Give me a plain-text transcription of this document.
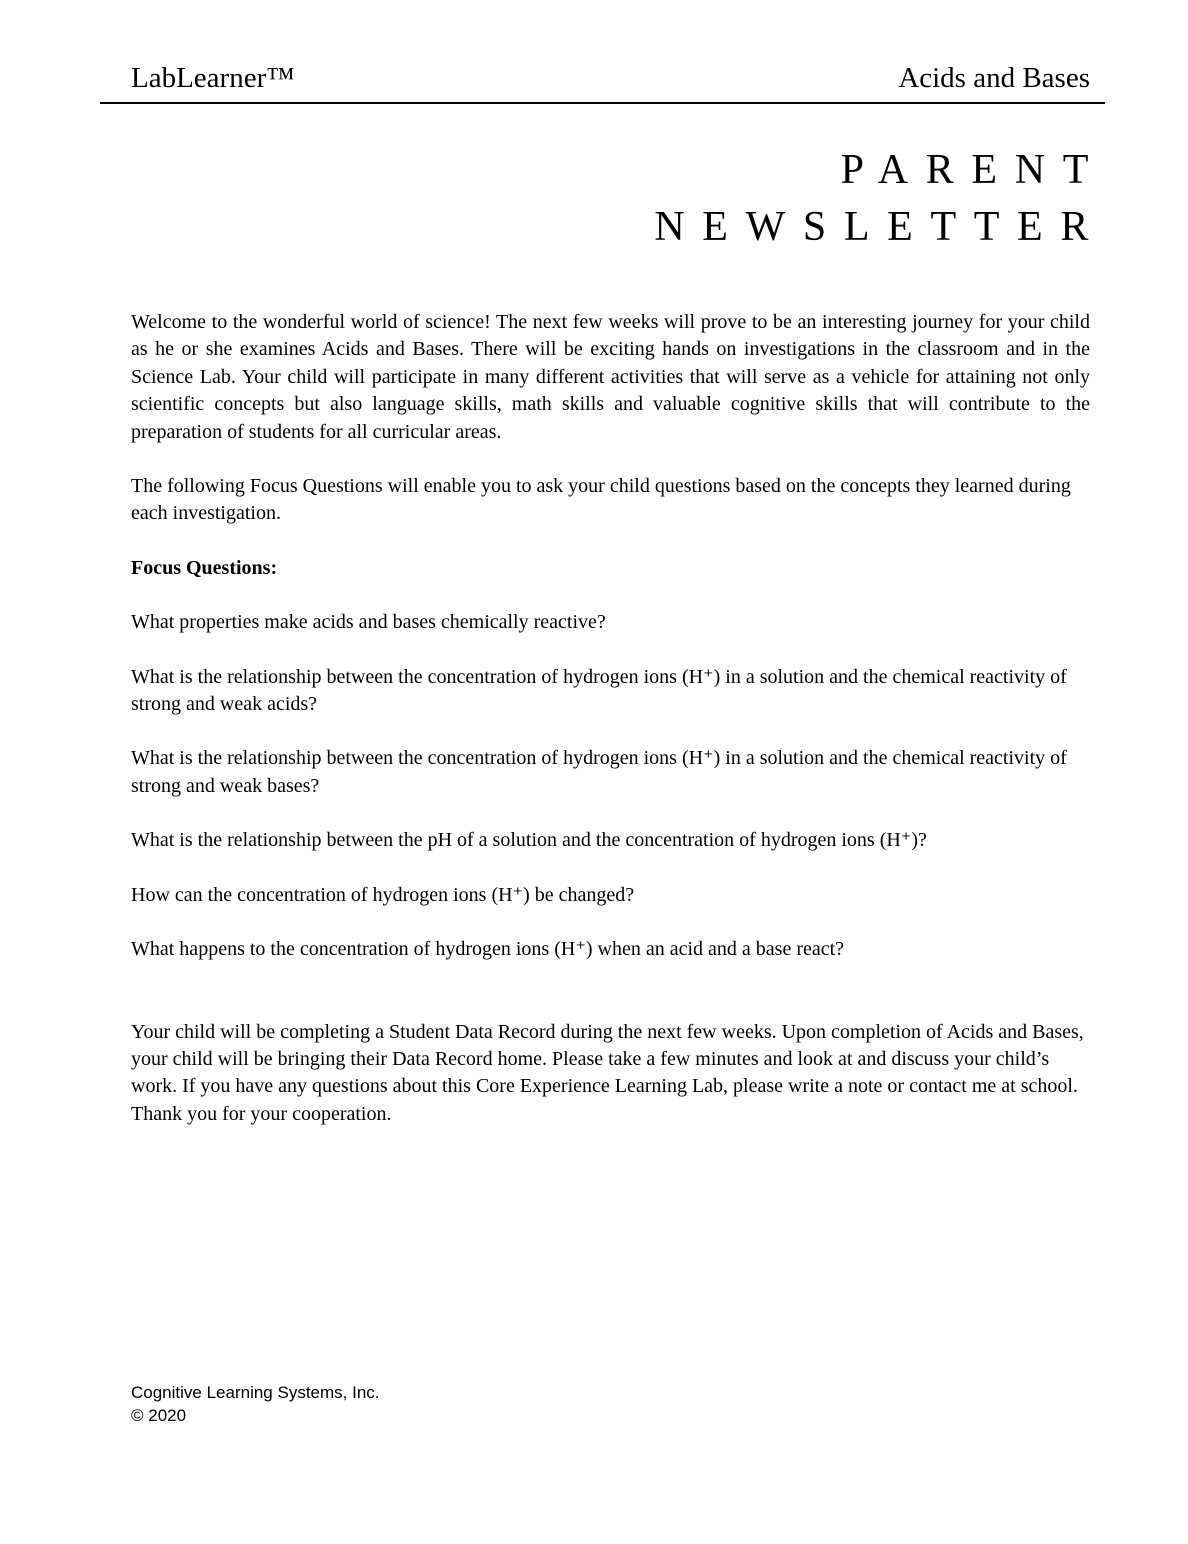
LabLearner™	Acids and Bases
PARENT
NEWSLETTER

Welcome to the wonderful world of science! The next few weeks will prove to be an interesting journey for your child as he or she examines Acids and Bases. There will be exciting hands on investigations in the classroom and in the Science Lab. Your child will participate in many different activities that will serve as a vehicle for attaining not only scientific concepts but also language skills, math skills and valuable cognitive skills that will contribute to the preparation of students for all curricular areas.

The following Focus Questions will enable you to ask your child questions based on the concepts they learned during each investigation.

Focus Questions:

What properties make acids and bases chemically reactive?

What is the relationship between the concentration of hydrogen ions (H⁺) in a solution and the chemical reactivity of strong and weak acids?

What is the relationship between the concentration of hydrogen ions (H⁺) in a solution and the chemical reactivity of strong and weak bases?

What is the relationship between the pH of a solution and the concentration of hydrogen ions (H⁺)?

How can the concentration of hydrogen ions (H⁺) be changed?

What happens to the concentration of hydrogen ions (H⁺) when an acid and a base react?

Your child will be completing a Student Data Record during the next few weeks. Upon completion of Acids and Bases, your child will be bringing their Data Record home. Please take a few minutes and look at and discuss your child’s work. If you have any questions about this Core Experience Learning Lab, please write a note or contact me at school. Thank you for your cooperation.

Cognitive Learning Systems, Inc.
© 2020
